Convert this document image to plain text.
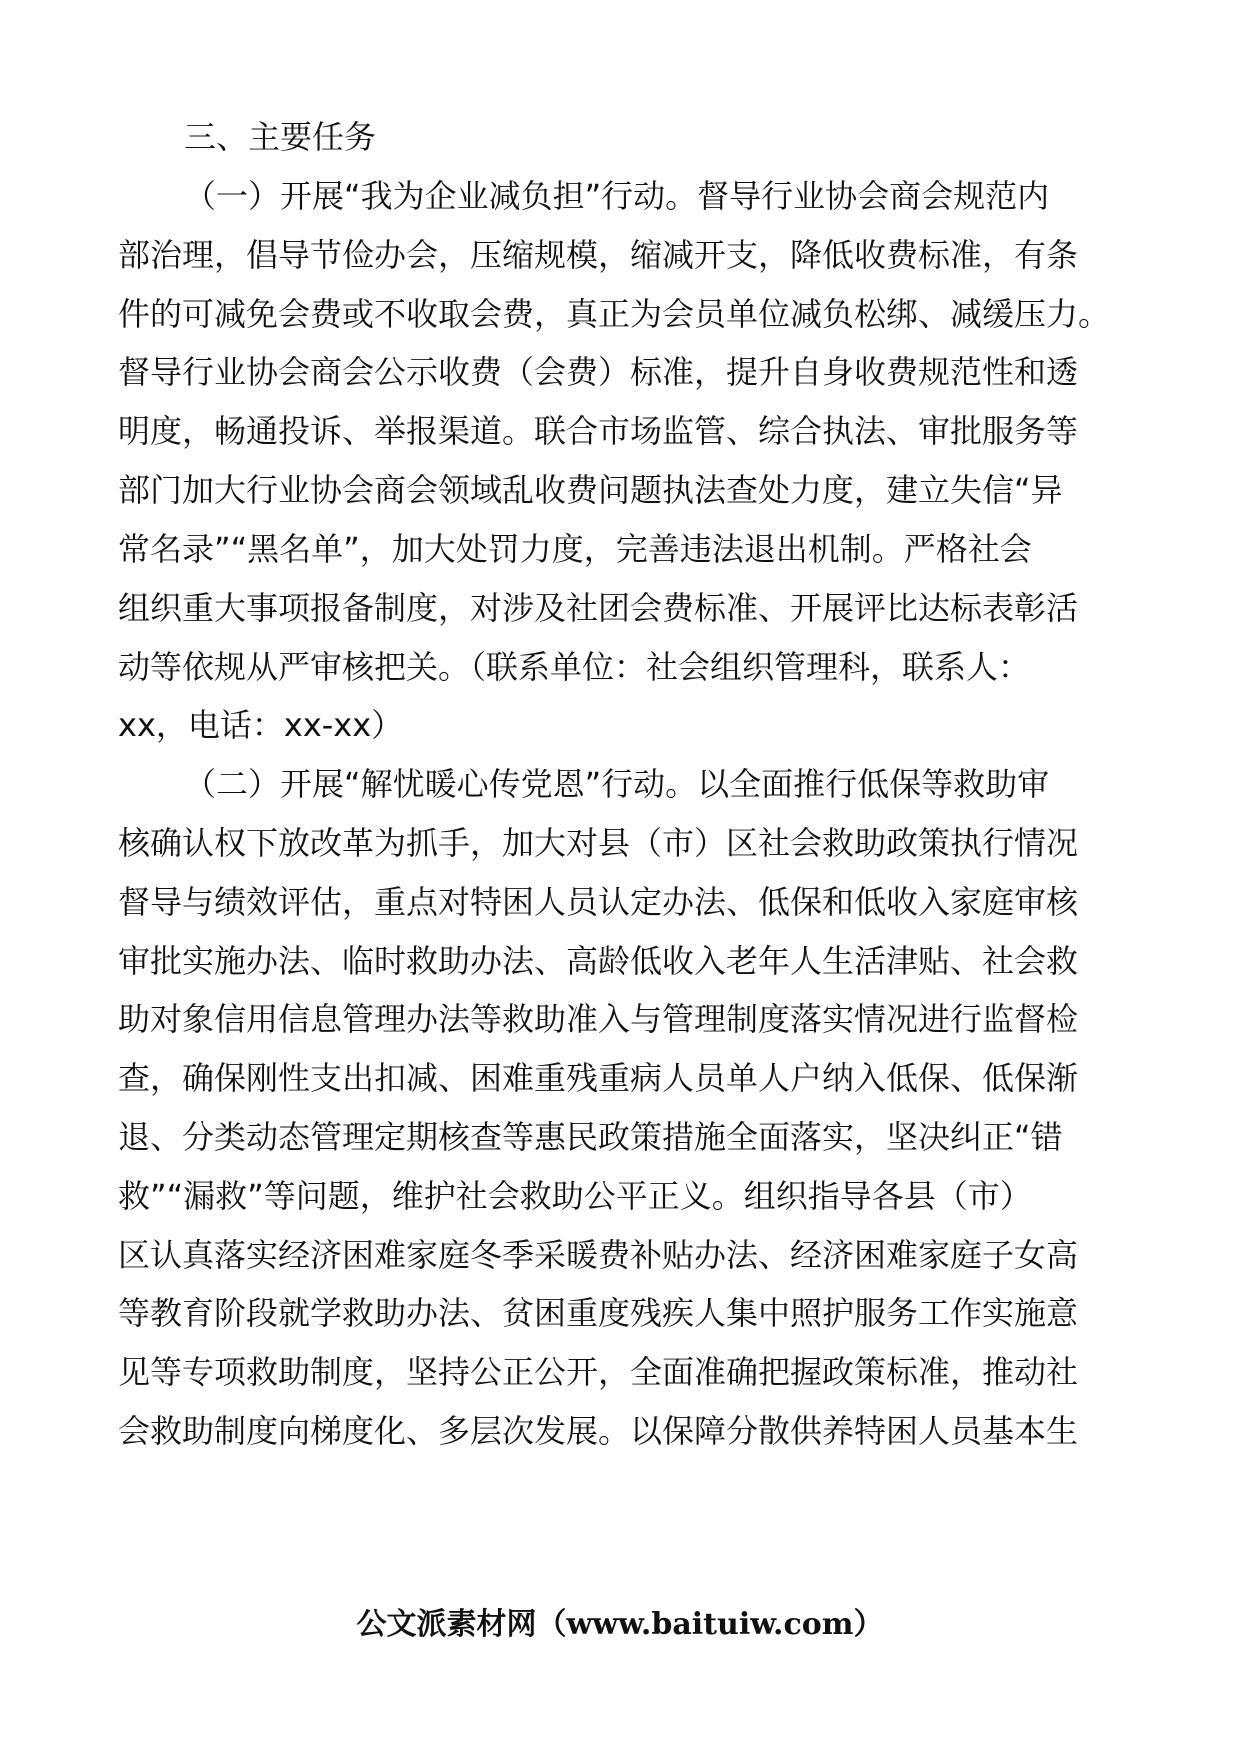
三、主要任务
（一）开展“我为企业减负担”行动。督导行业协会商会规范内
部治理，倡导节俭办会，压缩规模，缩减开支，降低收费标准，有条
件的可减免会费或不收取会费，真正为会员单位减负松绑、减缓压力。
督导行业协会商会公示收费（会费）标准，提升自身收费规范性和透
明度，畅通投诉、举报渠道。联合市场监管、综合执法、审批服务等
部门加大行业协会商会领域乱收费问题执法查处力度，建立失信“异
常名录”“黑名单”，加大处罚力度，完善违法退出机制。严格社会
组织重大事项报备制度，对涉及社团会费标准、开展评比达标表彰活
动等依规从严审核把关。（联系单位：社会组织管理科，联系人：
xx，电话：xx-xx）
（二）开展“解忧暖心传党恩”行动。以全面推行低保等救助审
核确认权下放改革为抓手，加大对县（市）区社会救助政策执行情况
督导与绩效评估，重点对特困人员认定办法、低保和低收入家庭审核
审批实施办法、临时救助办法、高龄低收入老年人生活津贴、社会救
助对象信用信息管理办法等救助准入与管理制度落实情况进行监督检
查，确保刚性支出扣减、困难重残重病人员单人户纳入低保、低保渐
退、分类动态管理定期核查等惠民政策措施全面落实，坚决纠正“错
救”“漏救”等问题，维护社会救助公平正义。组织指导各县（市）
区认真落实经济困难家庭冬季采暖费补贴办法、经济困难家庭子女高
等教育阶段就学救助办法、贫困重度残疾人集中照护服务工作实施意
见等专项救助制度，坚持公正公开，全面准确把握政策标准，推动社
会救助制度向梯度化、多层次发展。以保障分散供养特困人员基本生
公文派素材网（www.baituiw.com）
